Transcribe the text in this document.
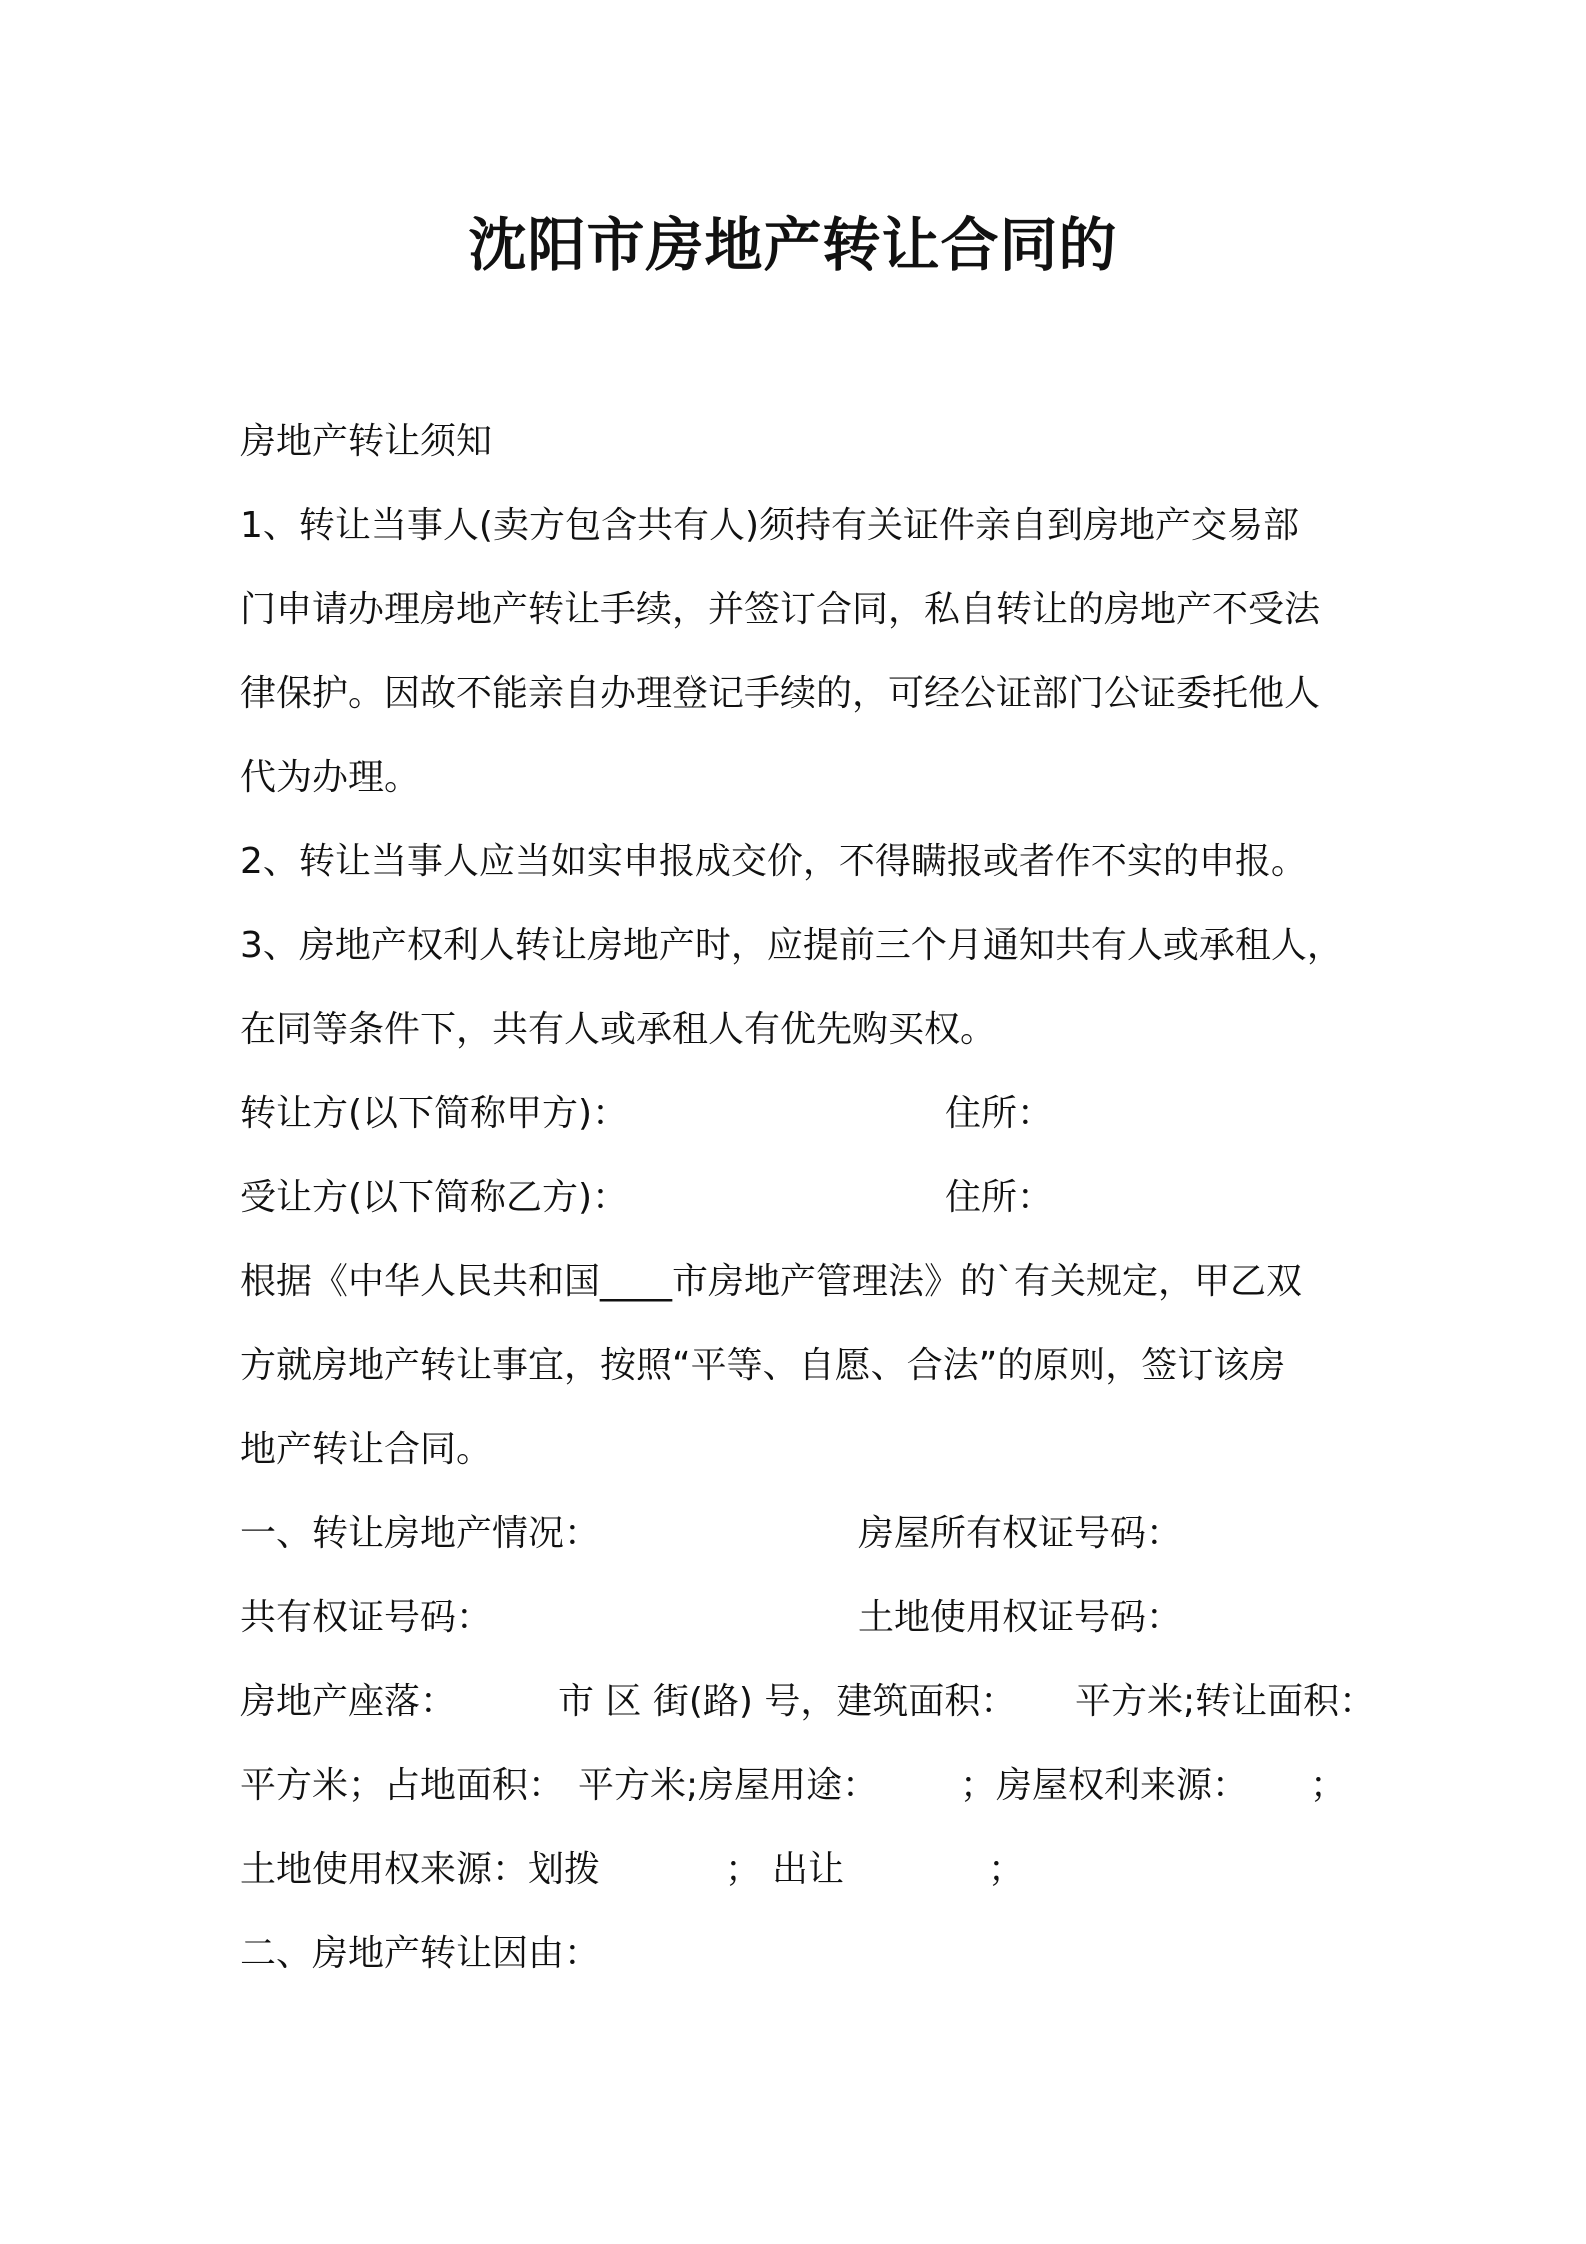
沈阳市房地产转让合同的
房地产转让须知
1、转让当事人(卖方包含共有人)须持有关证件亲自到房地产交易部
门申请办理房地产转让手续，并签订合同，私自转让的房地产不受法
律保护。因故不能亲自办理登记手续的，可经公证部门公证委托他人
代为办理。
2、转让当事人应当如实申报成交价，不得瞒报或者作不实的申报。
3、房地产权利人转让房地产时，应提前三个月通知共有人或承租人，
在同等条件下，共有人或承租人有优先购买权。
转让方(以下简称甲方)：	住所：
受让方(以下简称乙方)：	住所：
根据《中华人民共和国____市房地产管理法》的`有关规定，甲乙双
方就房地产转让事宜，按照“平等、自愿、合法”的原则，签订该房
地产转让合同。
一、转让房地产情况：	房屋所有权证号码：
共有权证号码：	土地使用权证号码：
房地产座落：	市 区 街(路) 号，建筑面积： 平方米;转让面积：
平方米；占地面积： 平方米;房屋用途： ；房屋权利来源： ；
土地使用权来源：划拨	； 出让	；
二、房地产转让因由：
